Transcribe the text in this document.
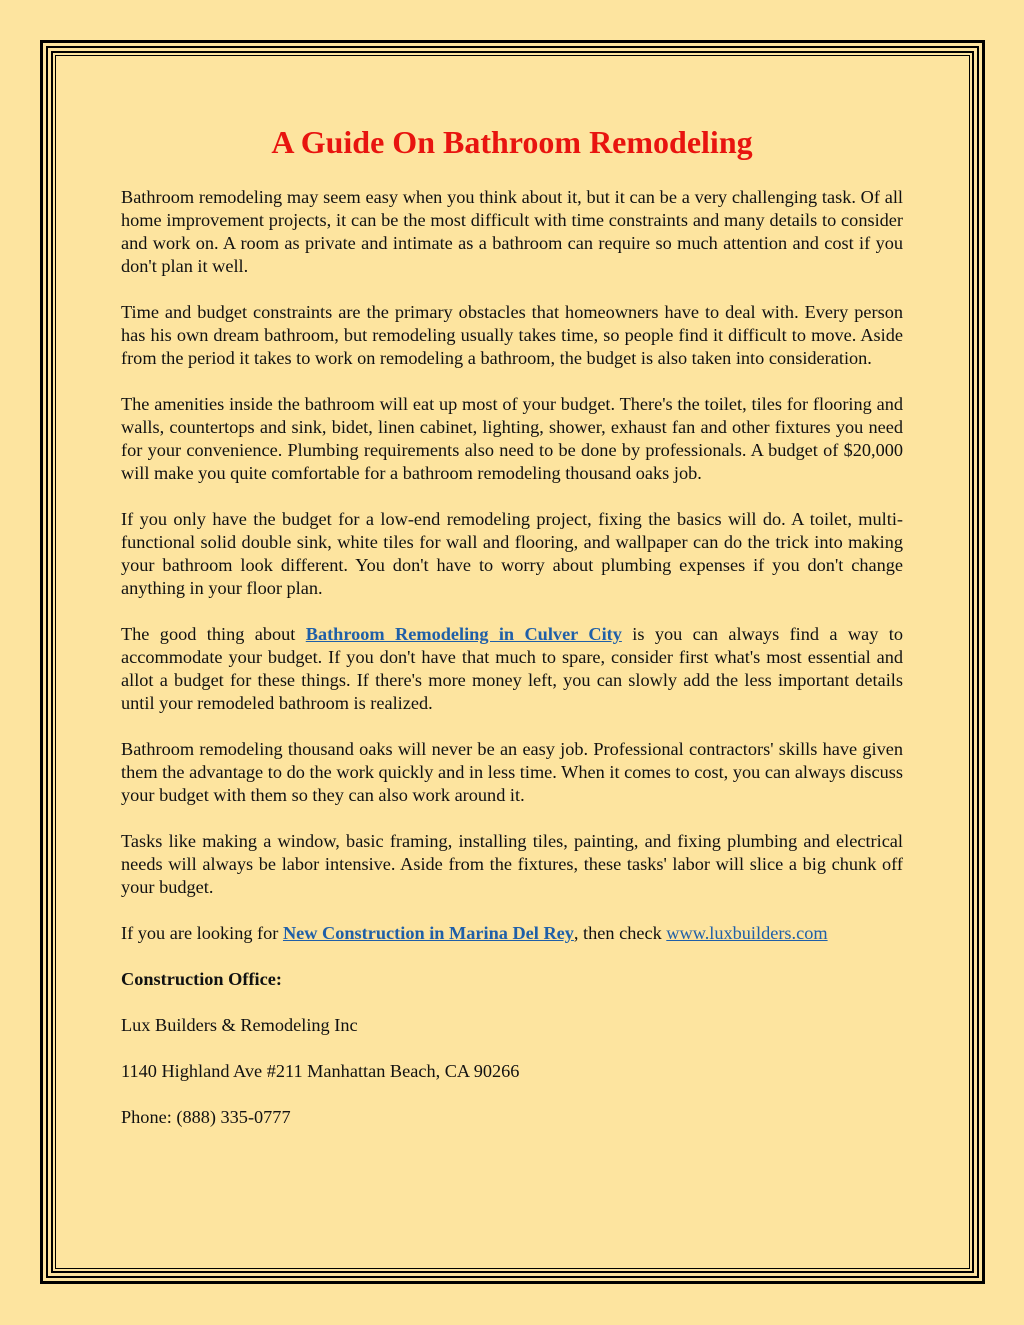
A Guide On Bathroom Remodeling

Bathroom remodeling may seem easy when you think about it, but it can be a very challenging task. Of all home improvement projects, it can be the most difficult with time constraints and many details to consider and work on. A room as private and intimate as a bathroom can require so much attention and cost if you don't plan it well.

Time and budget constraints are the primary obstacles that homeowners have to deal with. Every person has his own dream bathroom, but remodeling usually takes time, so people find it difficult to move. Aside from the period it takes to work on remodeling a bathroom, the budget is also taken into consideration.

The amenities inside the bathroom will eat up most of your budget. There's the toilet, tiles for flooring and walls, countertops and sink, bidet, linen cabinet, lighting, shower, exhaust fan and other fixtures you need for your convenience. Plumbing requirements also need to be done by professionals. A budget of $20,000 will make you quite comfortable for a bathroom remodeling thousand oaks job.

If you only have the budget for a low-end remodeling project, fixing the basics will do. A toilet, multi-functional solid double sink, white tiles for wall and flooring, and wallpaper can do the trick into making your bathroom look different. You don't have to worry about plumbing expenses if you don't change anything in your floor plan.

The good thing about Bathroom Remodeling in Culver City is you can always find a way to accommodate your budget. If you don't have that much to spare, consider first what's most essential and allot a budget for these things. If there's more money left, you can slowly add the less important details until your remodeled bathroom is realized.

Bathroom remodeling thousand oaks will never be an easy job. Professional contractors' skills have given them the advantage to do the work quickly and in less time. When it comes to cost, you can always discuss your budget with them so they can also work around it.

Tasks like making a window, basic framing, installing tiles, painting, and fixing plumbing and electrical needs will always be labor intensive. Aside from the fixtures, these tasks' labor will slice a big chunk off your budget.

If you are looking for New Construction in Marina Del Rey, then check www.luxbuilders.com

Construction Office:

Lux Builders & Remodeling Inc

1140 Highland Ave #211 Manhattan Beach, CA 90266

Phone: (888) 335-0777
